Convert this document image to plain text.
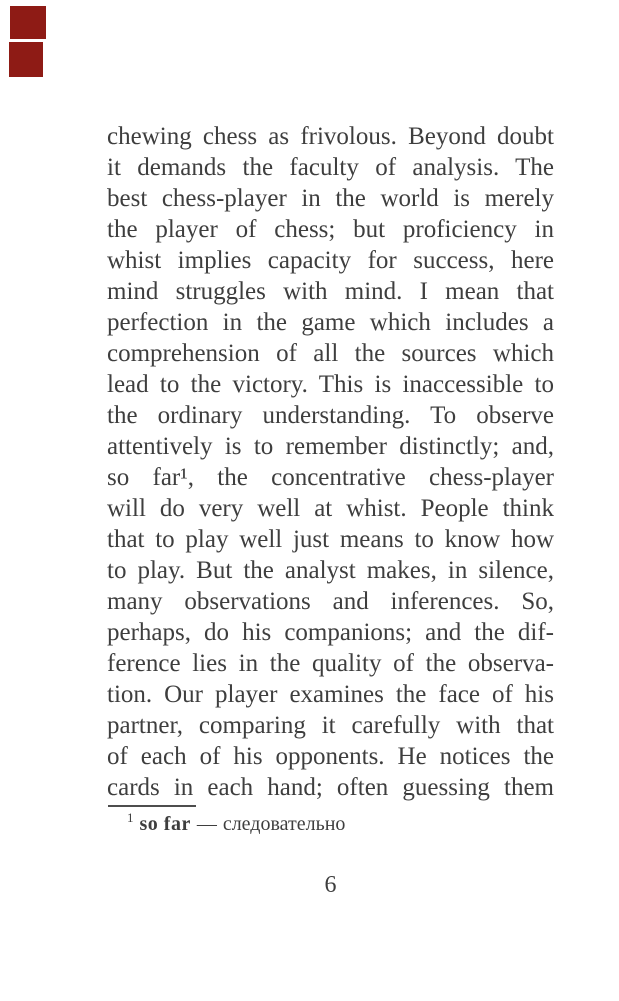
chewing chess as frivolous. Beyond doubt
it demands the faculty of analysis. The
best chess-player in the world is merely
the player of chess; but proficiency in
whist implies capacity for success, here
mind struggles with mind. I mean that
perfection in the game which includes a
comprehension of all the sources which
lead to the victory. This is inaccessible to
the ordinary understanding. To observe
attentively is to remember distinctly; and,
so far¹, the concentrative chess-player
will do very well at whist. People think
that to play well just means to know how
to play. But the analyst makes, in silence,
many observations and inferences. So,
perhaps, do his companions; and the dif-
ference lies in the quality of the observa-
tion. Our player examines the face of his
partner, comparing it carefully with that
of each of his opponents. He notices the
cards in each hand; often guessing them
$^1$ so far — следовательно
6
